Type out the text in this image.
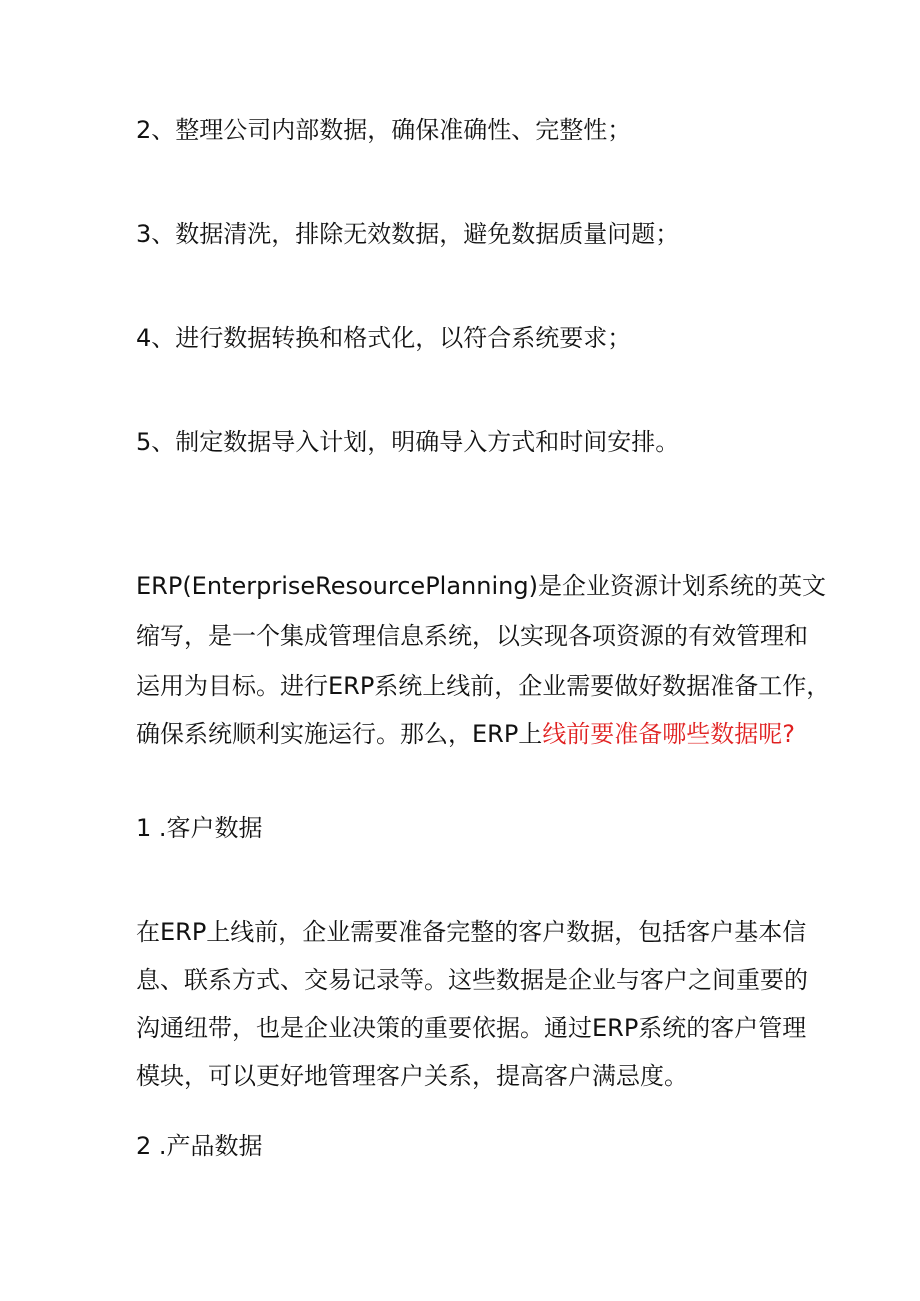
2、整理公司内部数据，确保准确性、完整性；
3、数据清洗，排除无效数据，避免数据质量问题；
4、进行数据转换和格式化，以符合系统要求；
5、制定数据导入计划，明确导入方式和时间安排。
ERP(EnterpriseResourcePlanning)是企业资源计划系统的英文
缩写，是一个集成管理信息系统，以实现各项资源的有效管理和
运用为目标。进行ERP系统上线前，企业需要做好数据准备工作，
确保系统顺利实施运行。那么，ERP上线前要准备哪些数据呢?
1 .客户数据
在ERP上线前，企业需要准备完整的客户数据，包括客户基本信
息、联系方式、交易记录等。这些数据是企业与客户之间重要的
沟通纽带，也是企业决策的重要依据。通过ERP系统的客户管理
模块，可以更好地管理客户关系，提高客户满忌度。
2 .产品数据
